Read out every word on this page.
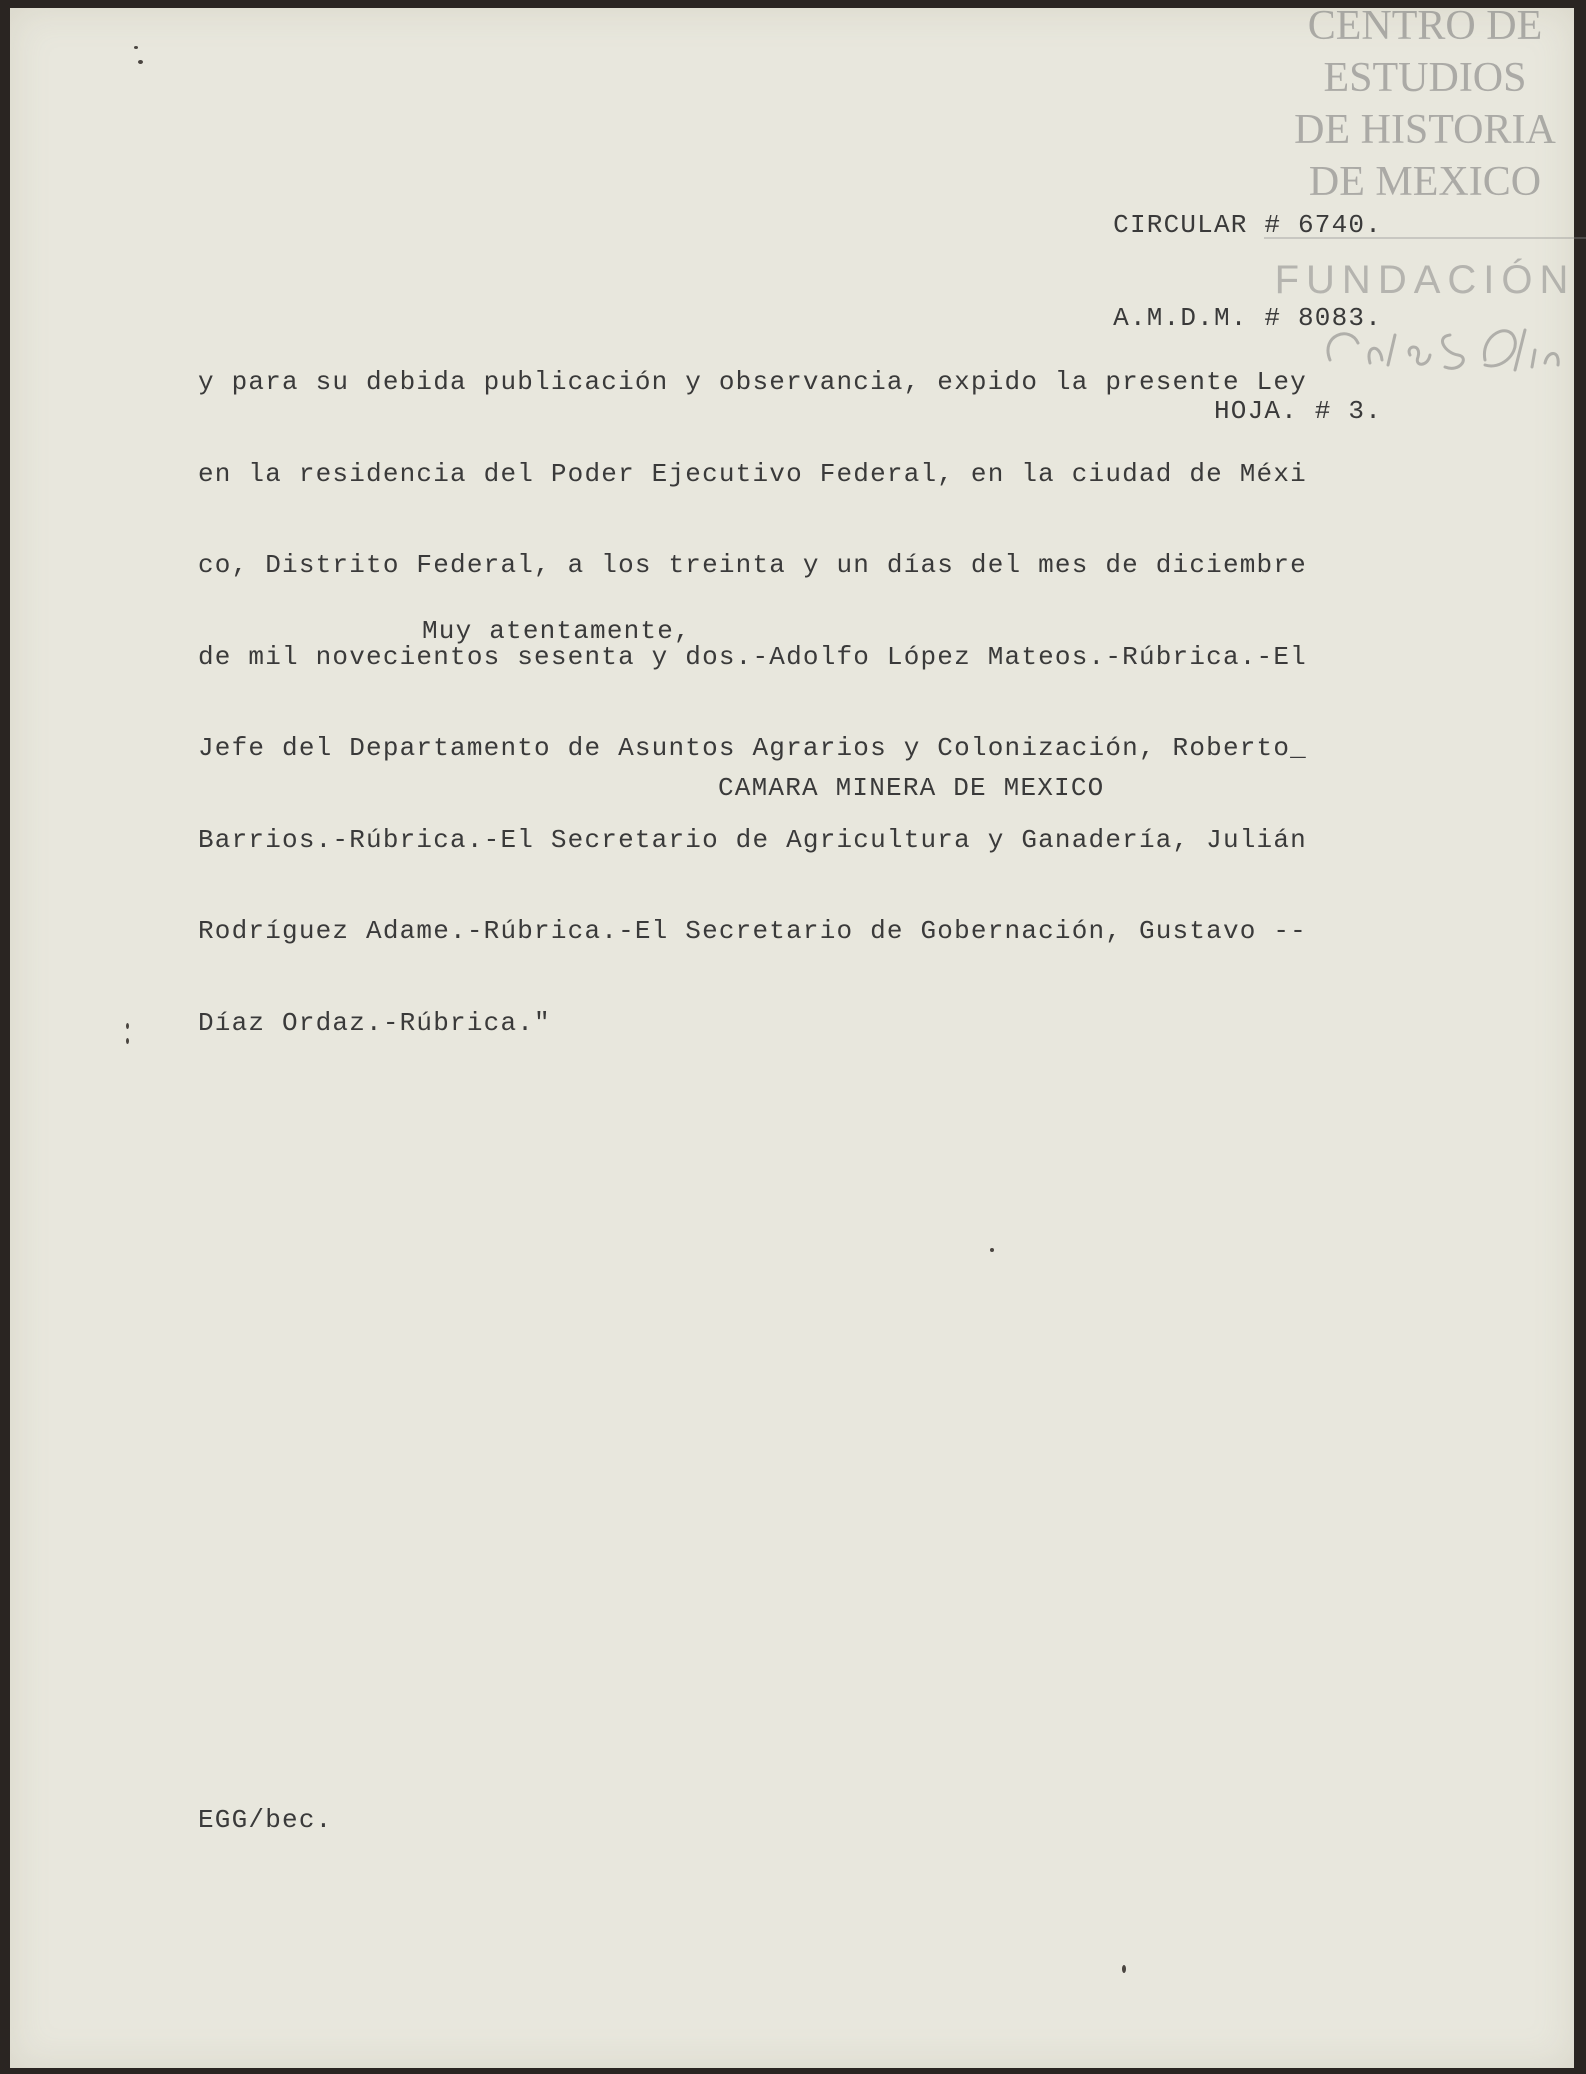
CIRCULAR # 6740.

A.M.D.M. # 8083.

HOJA. # 3.

y para su debida publicación y observancia, expido la presente Ley

en la residencia del Poder Ejecutivo Federal, en la ciudad de Méxi

co, Distrito Federal, a los treinta y un días del mes de diciembre

de mil novecientos sesenta y dos.-Adolfo López Mateos.-Rúbrica.-El

Jefe del Departamento de Asuntos Agrarios y Colonización, Roberto_

Barrios.-Rúbrica.-El Secretario de Agricultura y Ganadería, Julián

Rodríguez Adame.-Rúbrica.-El Secretario de Gobernación, Gustavo --

Díaz Ordaz.-Rúbrica."

Muy atentamente,
CAMARA MINERA DE MEXICO
EGG/bec.
CENTRO DE
ESTUDIOS
DE HISTORIA
DE MEXICO
FUNDACIÓN
